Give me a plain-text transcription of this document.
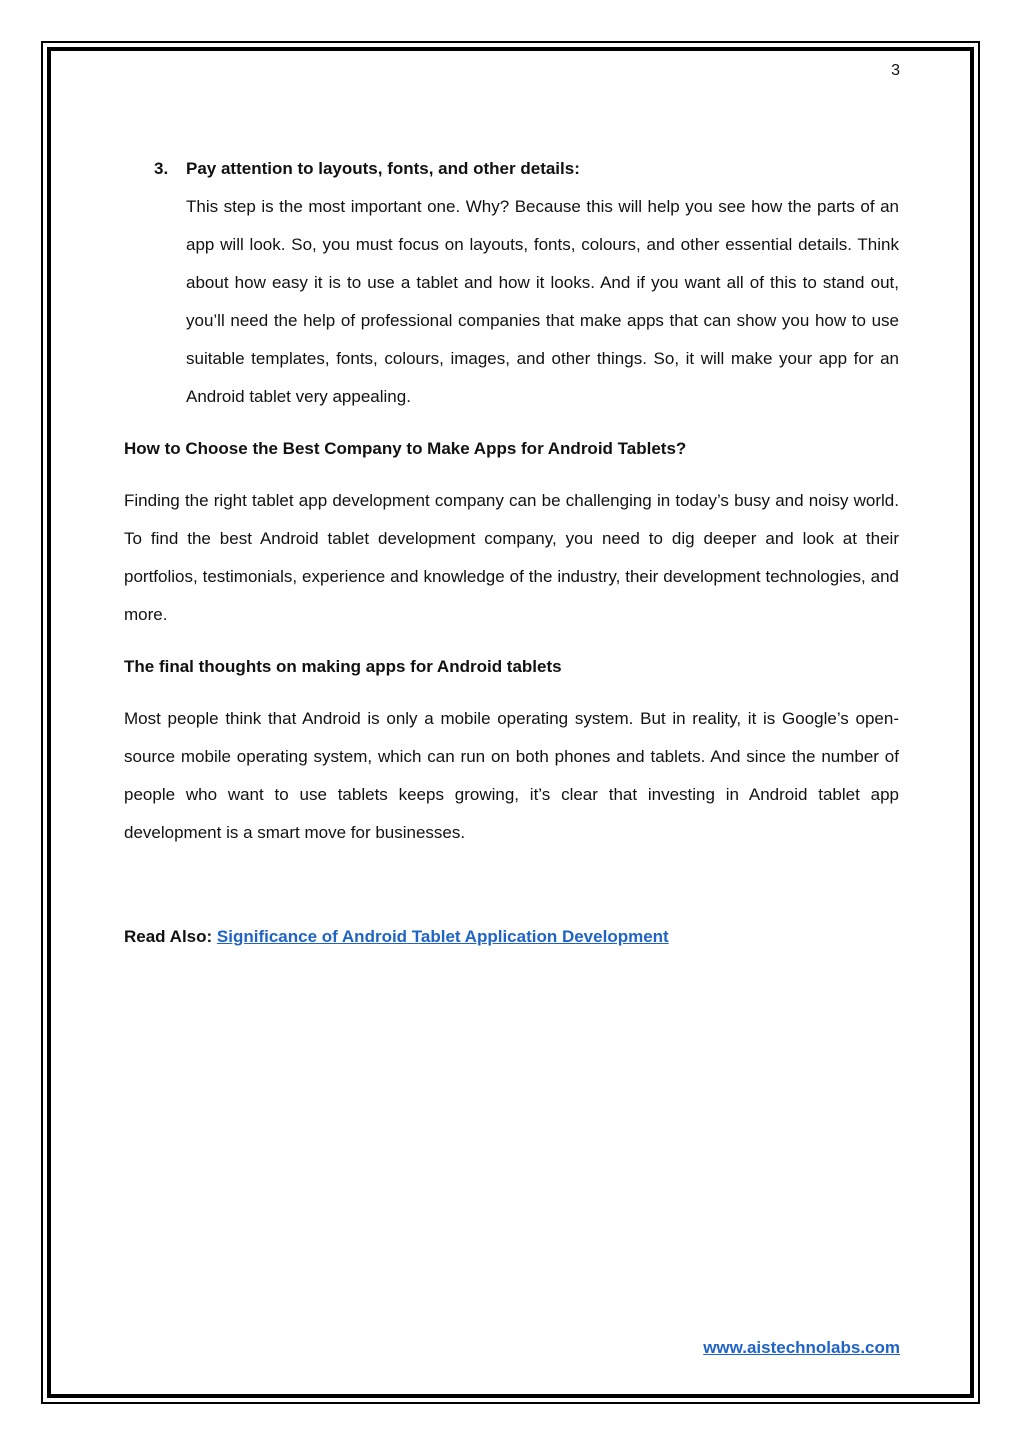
3
3. Pay attention to layouts, fonts, and other details:

This step is the most important one. Why? Because this will help you see how the parts of an app will look. So, you must focus on layouts, fonts, colours, and other essential details. Think about how easy it is to use a tablet and how it looks. And if you want all of this to stand out, you’ll need the help of professional companies that make apps that can show you how to use suitable templates, fonts, colours, images, and other things. So, it will make your app for an Android tablet very appealing.

How to Choose the Best Company to Make Apps for Android Tablets?

Finding the right tablet app development company can be challenging in today’s busy and noisy world. To find the best Android tablet development company, you need to dig deeper and look at their portfolios, testimonials, experience and knowledge of the industry, their development technologies, and more.

The final thoughts on making apps for Android tablets

Most people think that Android is only a mobile operating system. But in reality, it is Google’s open-source mobile operating system, which can run on both phones and tablets. And since the number of people who want to use tablets keeps growing, it’s clear that investing in Android tablet app development is a smart move for businesses.

Read Also: Significance of Android Tablet Application Development

www.aistechnolabs.com
